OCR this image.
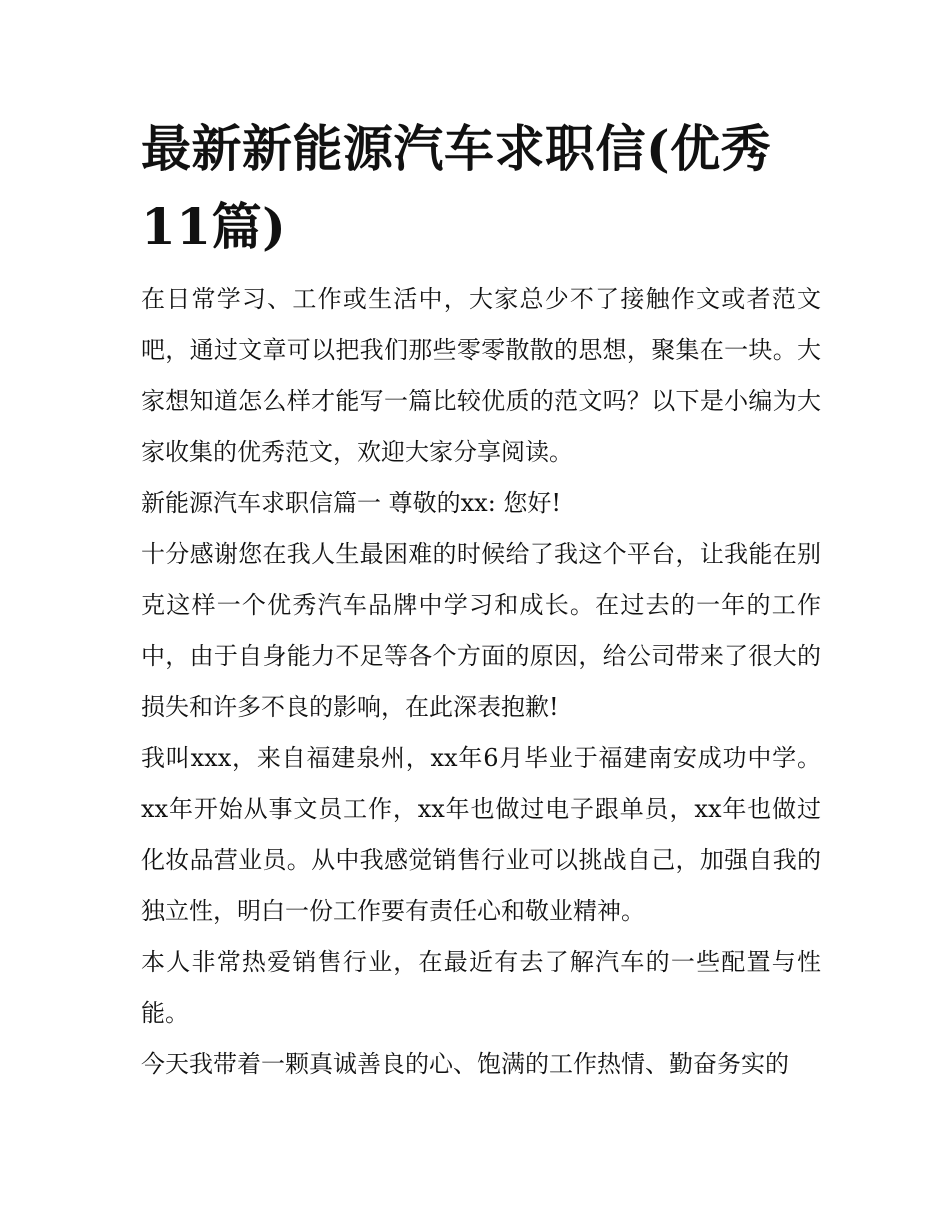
最新新能源汽车求职信(优秀11篇)

在日常学习、工作或生活中，大家总少不了接触作文或者范文吧，通过文章可以把我们那些零零散散的思想，聚集在一块。大家想知道怎么样才能写一篇比较优质的范文吗？以下是小编为大家收集的优秀范文，欢迎大家分享阅读。

新能源汽车求职信篇一 尊敬的xx: 您好!

十分感谢您在我人生最困难的时候给了我这个平台，让我能在别克这样一个优秀汽车品牌中学习和成长。在过去的一年的工作中，由于自身能力不足等各个方面的原因，给公司带来了很大的损失和许多不良的影响，在此深表抱歉!

我叫xxx，来自福建泉州，xx年6月毕业于福建南安成功中学。xx年开始从事文员工作，xx年也做过电子跟单员，xx年也做过化妆品营业员。从中我感觉销售行业可以挑战自己，加强自我的独立性，明白一份工作要有责任心和敬业精神。

本人非常热爱销售行业，在最近有去了解汽车的一些配置与性能。

今天我带着一颗真诚善良的心、饱满的工作热情、勤奋务实的
